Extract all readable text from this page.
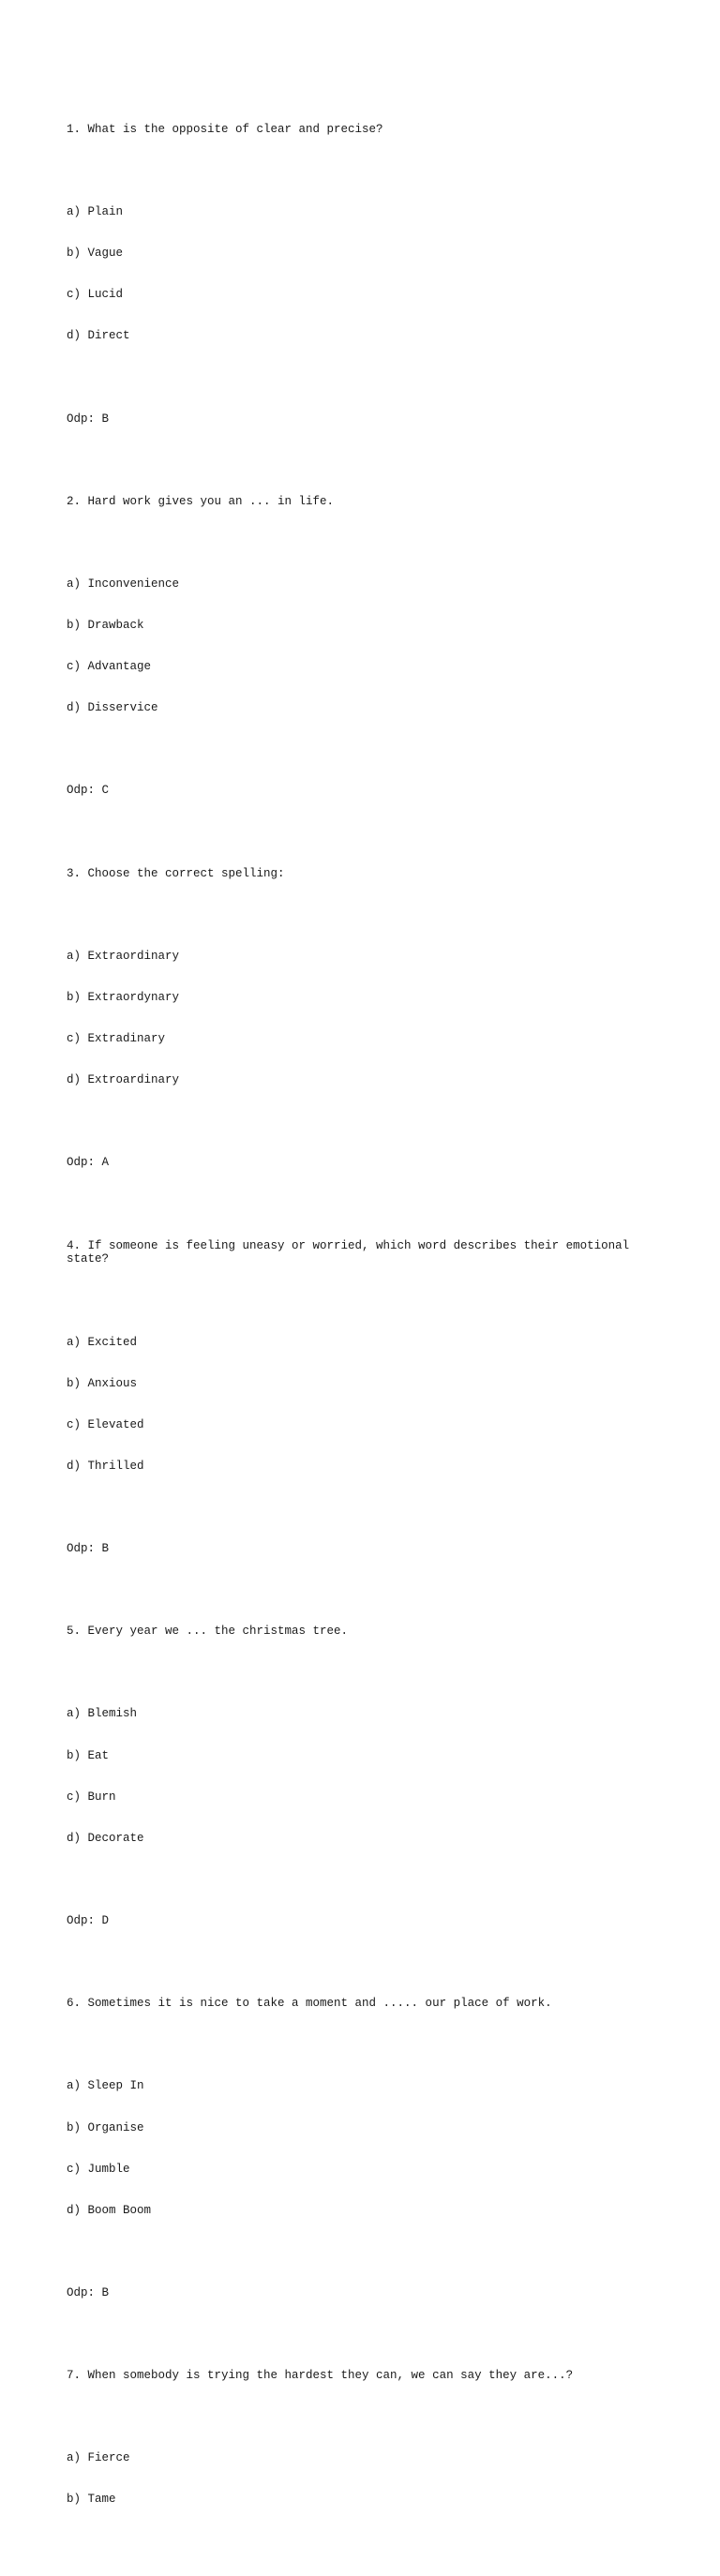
1. What is the opposite of clear and precise?

a) Plain

b) Vague

c) Lucid

d) Direct

Odp: B

2. Hard work gives you an ... in life.

a) Inconvenience

b) Drawback

c) Advantage

d) Disservice

Odp: C

3. Choose the correct spelling:

a) Extraordinary

b) Extraordynary

c) Extradinary

d) Extroardinary

Odp: A

4. If someone is feeling uneasy or worried, which word describes their emotional state?

a) Excited

b) Anxious

c) Elevated

d) Thrilled

Odp: B

5. Every year we ... the christmas tree.

a) Blemish

b) Eat

c) Burn

d) Decorate

Odp: D

6. Sometimes it is nice to take a moment and ..... our place of work.

a) Sleep In

b) Organise

c) Jumble

d) Boom Boom

Odp: B

7. When somebody is trying the hardest they can, we can say they are...?

a) Fierce

b) Tame
